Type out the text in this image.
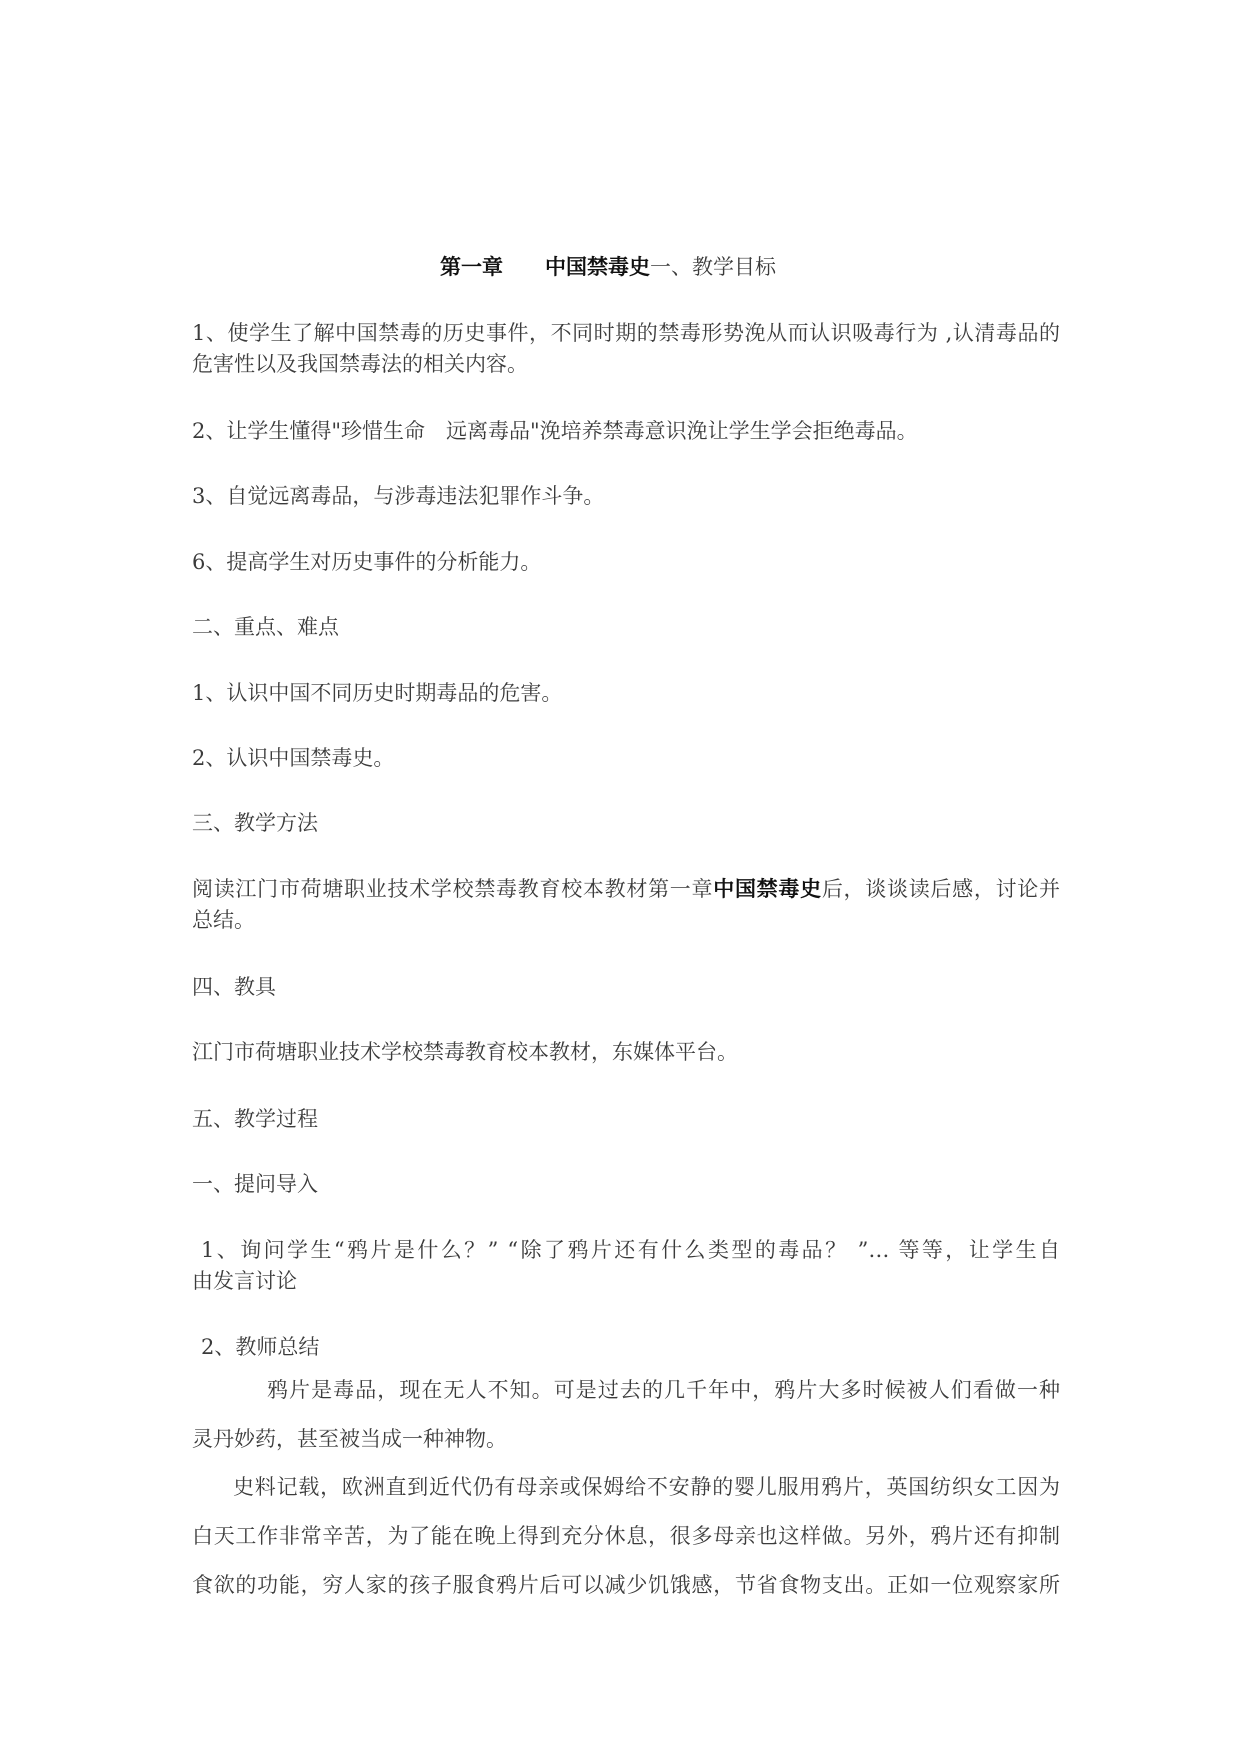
第一章　　 中国禁毒史一、教学目标
1、使学生了解中国禁毒的历史事件，不同时期的禁毒形势浼从而认识吸毒行为 ,认清毒品的
危害性以及我国禁毒法的相关内容。
2、让学生懂得"珍惜生命　远离毒品"浼培养禁毒意识浼让学生学会拒绝毒品。
3、自觉远离毒品，与涉毒违法犯罪作斗争。
6、提高学生对历史事件的分析能力。
二、重点、难点
1、认识中国不同历史时期毒品的危害。
2、认识中国禁毒史。
三、教学方法
阅读江门市荷塘职业技术学校禁毒教育校本教材第一章中国禁毒史后，谈谈读后感，讨论并
总结。
四、教具
江门市荷塘职业技术学校禁毒教育校本教材，东媒体平台。
五、教学过程
一、提问导入
1、询问学生“鸦片是什么？” “除了鸦片还有什么类型的毒品？ ”… 等等，让学生自
由发言讨论
2、教师总结
鸦片是毒品，现在无人不知。可是过去的几千年中，鸦片大多时候被人们看做一种
灵丹妙药，甚至被当成一种神物。
史料记载，欧洲直到近代仍有母亲或保姆给不安静的婴儿服用鸦片，英国纺织女工因为
白天工作非常辛苦，为了能在晚上得到充分休息，很多母亲也这样做。另外，鸦片还有抑制
食欲的功能，穷人家的孩子服食鸦片后可以减少饥饿感，节省食物支出。正如一位观察家所
